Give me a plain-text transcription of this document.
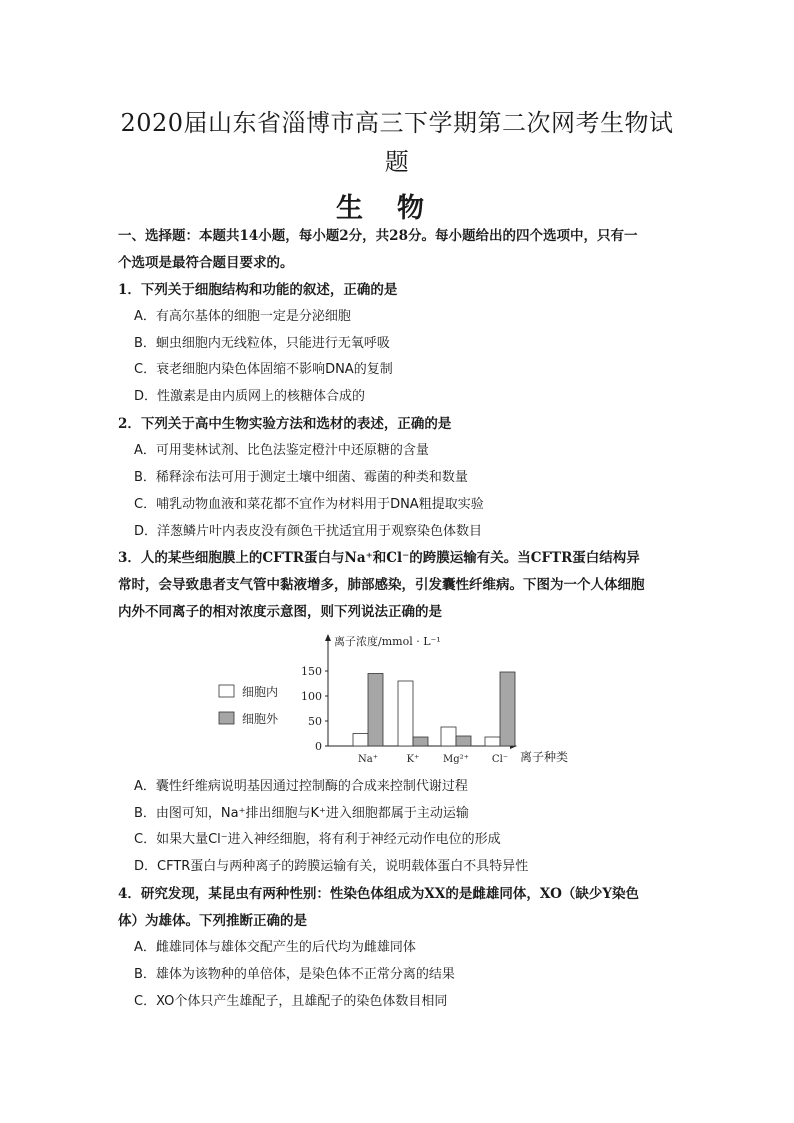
2020届山东省淄博市高三下学期第二次网考生物试
题
生物
一、选择题：本题共14小题，每小题2分，共28分。每小题给出的四个选项中，只有一
个选项是最符合题目要求的。
1．下列关于细胞结构和功能的叙述，正确的是
A．有高尔基体的细胞一定是分泌细胞
B．蛔虫细胞内无线粒体，只能进行无氧呼吸
C．衰老细胞内染色体固缩不影响DNA的复制
D．性激素是由内质网上的核糖体合成的
2．下列关于高中生物实验方法和选材的表述，正确的是
A．可用斐林试剂、比色法鉴定橙汁中还原糖的含量
B．稀释涂布法可用于测定土壤中细菌、霉菌的种类和数量
C．哺乳动物血液和菜花都不宜作为材料用于DNA粗提取实验
D．洋葱鳞片叶内表皮没有颜色干扰适宜用于观察染色体数目
3．人的某些细胞膜上的CFTR蛋白与Na⁺和Cl⁻的跨膜运输有关。当CFTR蛋白结构异
常时，会导致患者支气管中黏液增多，肺部感染，引发囊性纤维病。下图为一个人体细胞
内外不同离子的相对浓度示意图，则下列说法正确的是
离子浓度/mmol · L⁻¹
离子种类
0
50
100
150
Na⁺	K⁺ Mg²⁺ Cl⁻
细胞内
细胞外
A．囊性纤维病说明基因通过控制酶的合成来控制代谢过程
B．由图可知，Na⁺排出细胞与K⁺进入细胞都属于主动运输
C．如果大量Cl⁻进入神经细胞，将有利于神经元动作电位的形成
D．CFTR蛋白与两种离子的跨膜运输有关，说明载体蛋白不具特异性
4．研究发现，某昆虫有两种性别：性染色体组成为XX的是雌雄同体，XO（缺少Y染色
体）为雄体。下列推断正确的是
A．雌雄同体与雄体交配产生的后代均为雌雄同体
B．雄体为该物种的单倍体，是染色体不正常分离的结果
C．XO个体只产生雄配子，且雄配子的染色体数目相同
